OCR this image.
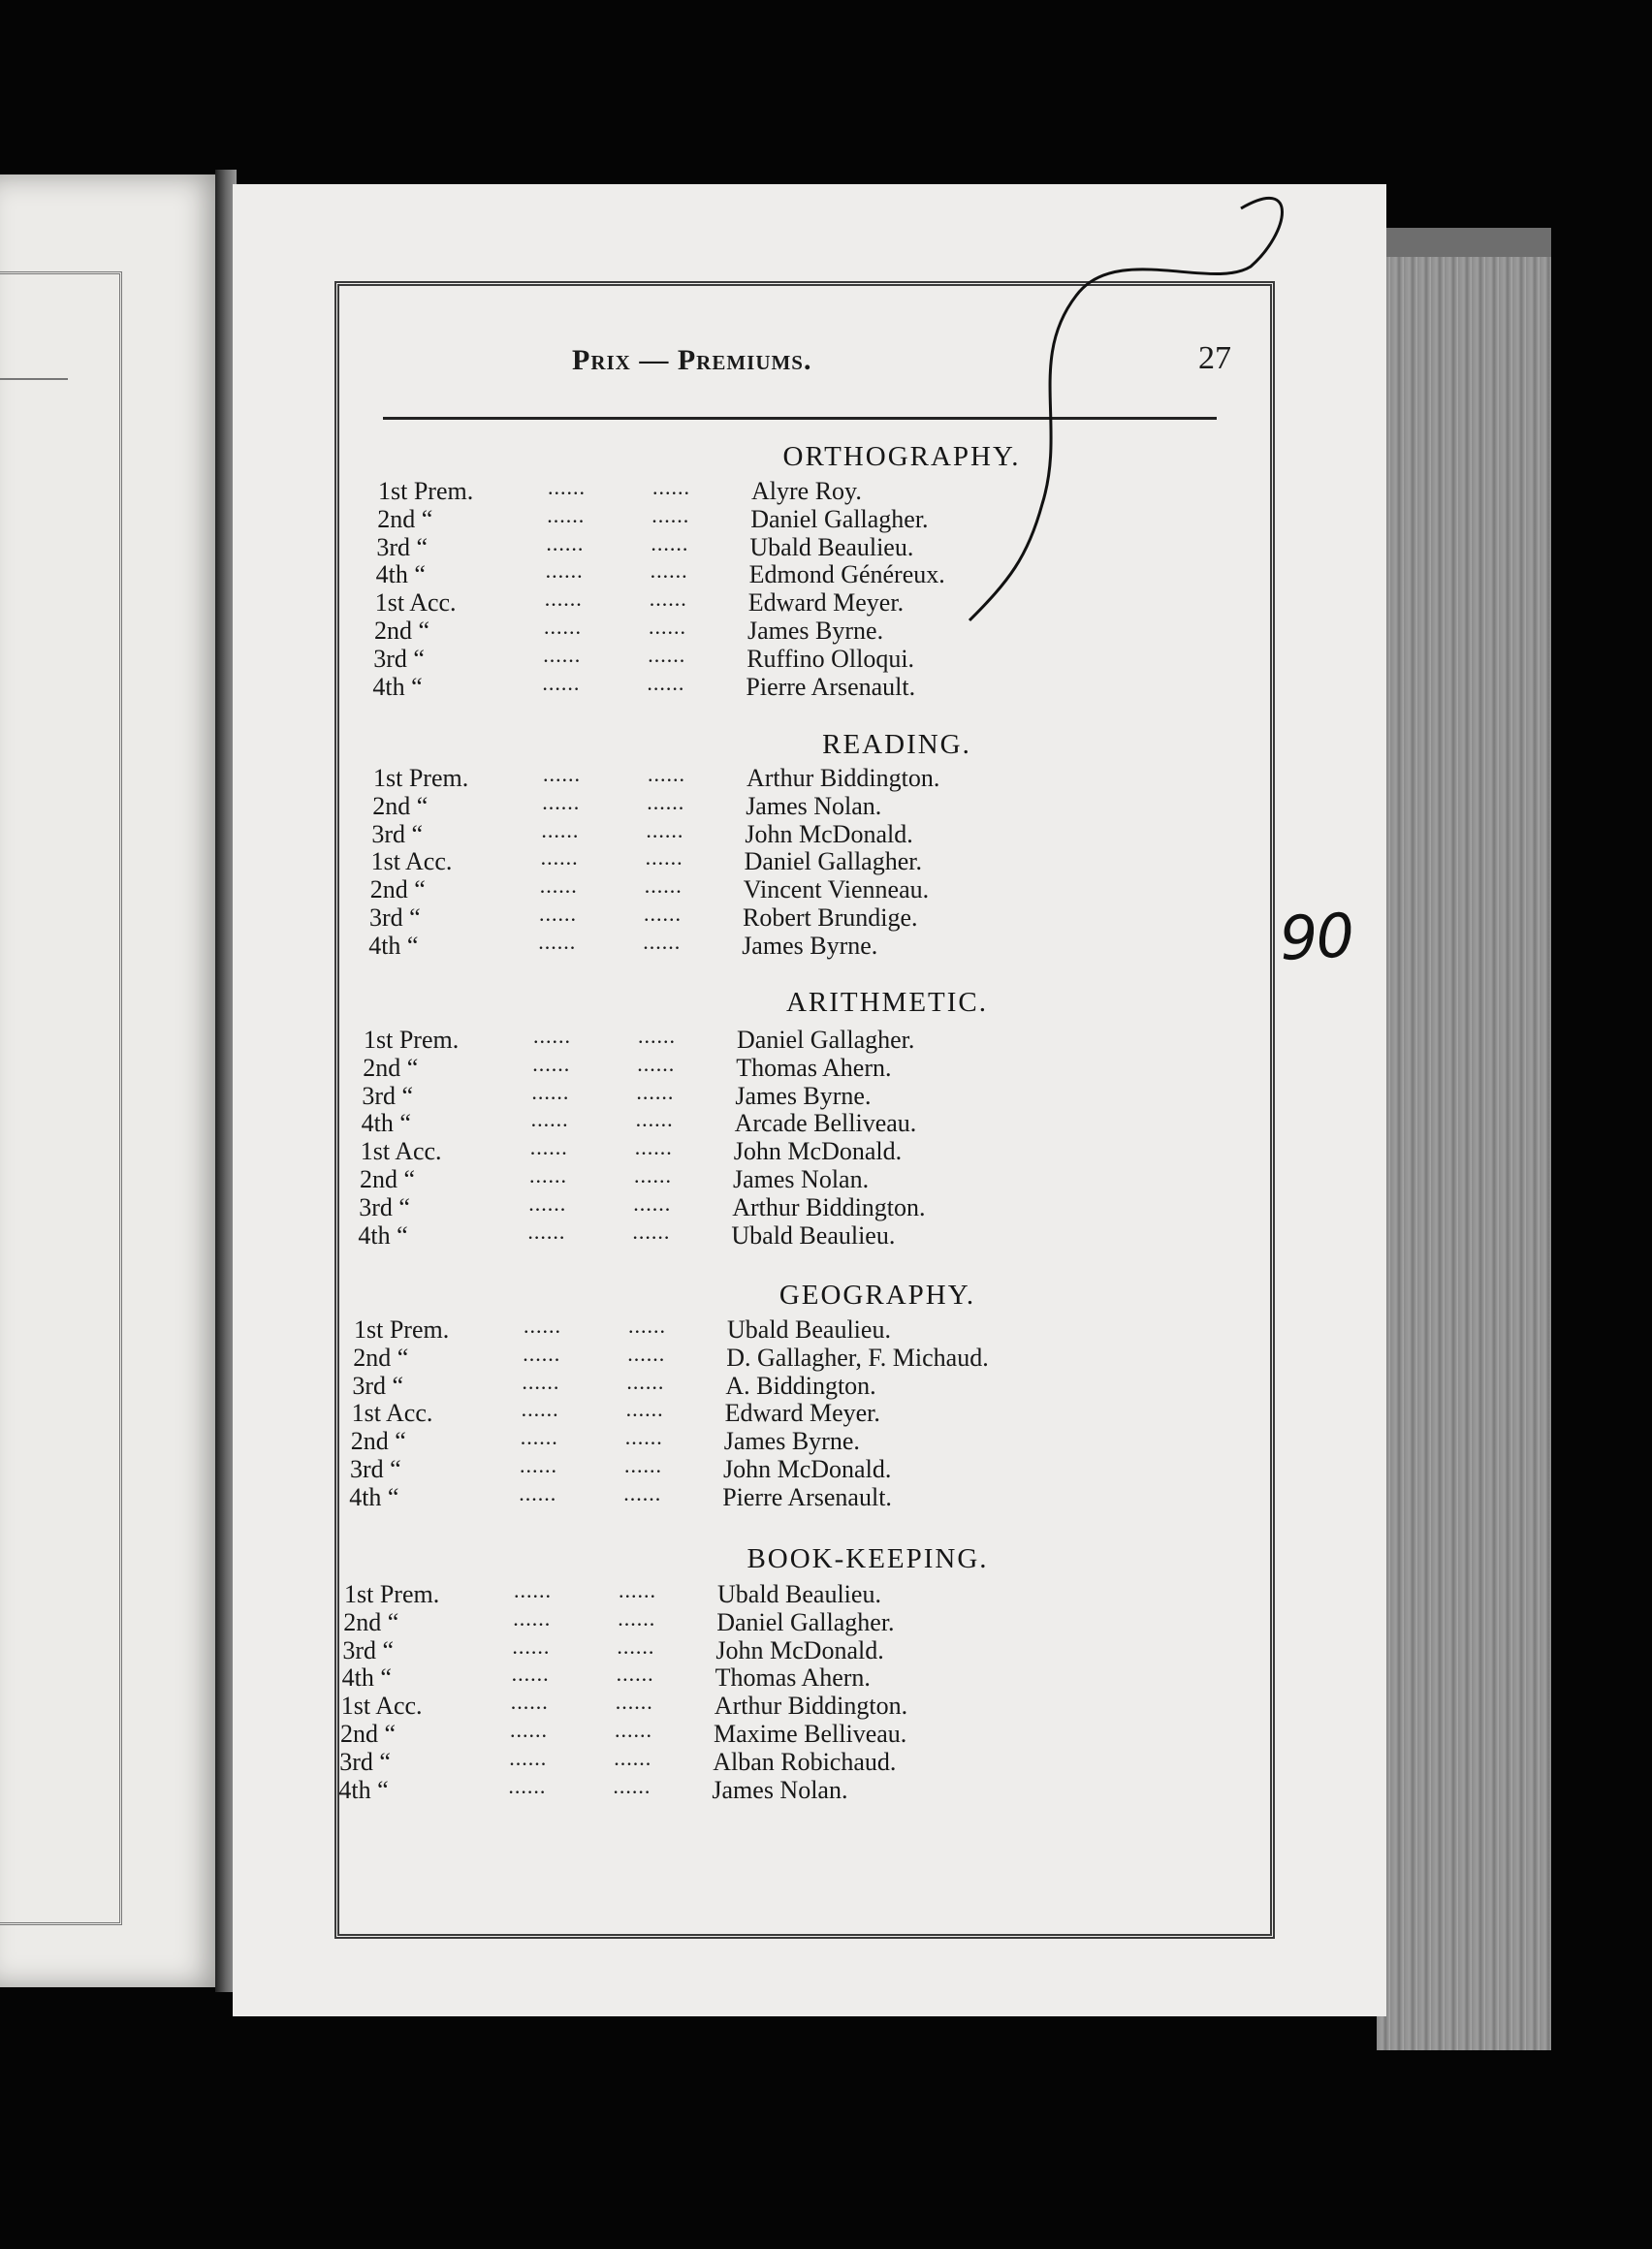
Prix — Premiums.	27
ORTHOGRAPHY.
1st Prem.	......	...... Alyre Roy.
2nd “	......	...... Daniel Gallagher.
3rd “	......	...... Ubald Beaulieu.
4th “	......	...... Edmond Généreux.
1st Acc.	......	...... Edward Meyer.
2nd “	......	...... James Byrne.
3rd “	......	...... Ruffino Olloqui.
4th “	......	...... Pierre Arsenault.
READING.
1st Prem.	......	...... Arthur Biddington.
2nd “	......	...... James Nolan.
3rd “	......	...... John McDonald.
1st Acc.	......	...... Daniel Gallagher.
2nd “	......	...... Vincent Vienneau.
3rd “	......	...... Robert Brundige.
4th “	......	...... James Byrne.
ARITHMETIC.
1st Prem.	......	...... Daniel Gallagher.
2nd “	......	...... Thomas Ahern.
3rd “	......	...... James Byrne.
4th “	......	...... Arcade Belliveau.
1st Acc.	......	...... John McDonald.
2nd “	......	...... James Nolan.
3rd “	......	...... Arthur Biddington.
4th “	......	...... Ubald Beaulieu.
GEOGRAPHY.
1st Prem.	......	...... Ubald Beaulieu.
2nd “	......	...... D. Gallagher, F. Michaud.
3rd “	......	...... A. Biddington.
1st Acc.	......	...... Edward Meyer.
2nd “	......	...... James Byrne.
3rd “	......	...... John McDonald.
4th “	......	...... Pierre Arsenault.
BOOK-KEEPING.
1st Prem.	......	...... Ubald Beaulieu.
2nd “	......	...... Daniel Gallagher.
3rd “	......	...... John McDonald.
4th “	......	...... Thomas Ahern.
1st Acc.	......	...... Arthur Biddington.
2nd “	......	...... Maxime Belliveau.
3rd “	......	...... Alban Robichaud.
4th “	......	...... James Nolan.
90
